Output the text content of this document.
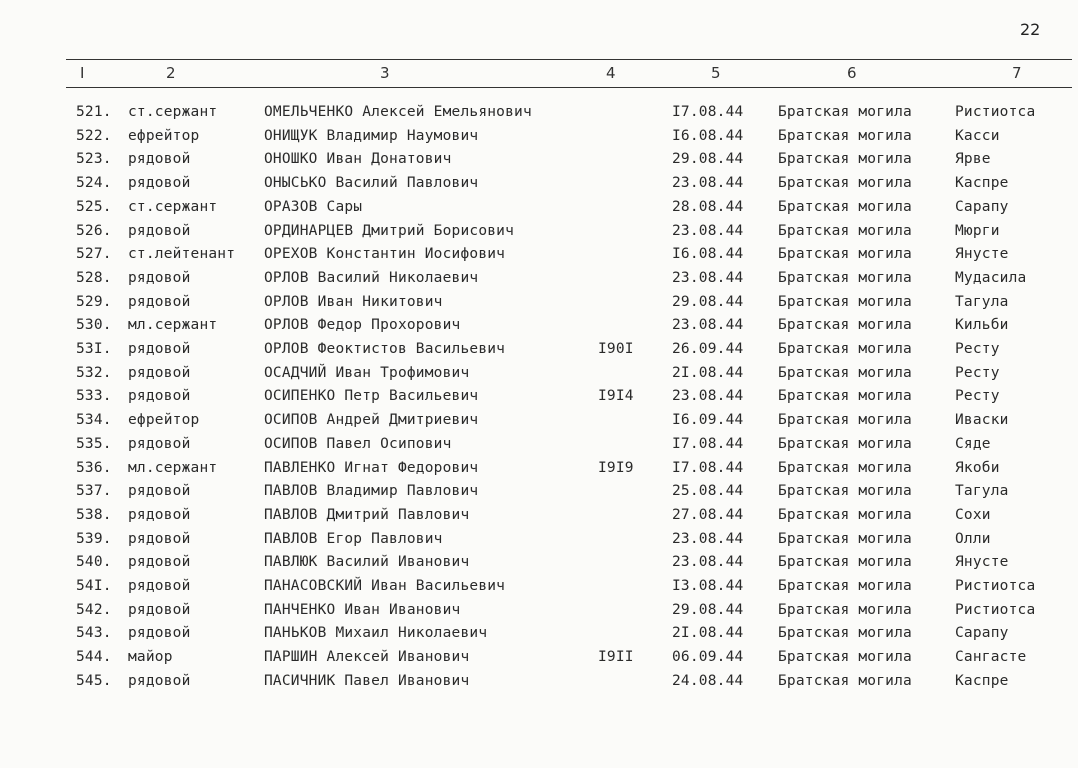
22
I	2	3	4	5	6	7
521. ст.сержант	ОМЕЛЬЧЕНКО Алексей Емельянович	I7.08.44 Братская могила	Ристиотса
522. ефрейтор	ОНИЩУК Владимир Наумович	I6.08.44 Братская могила	Касси
523. рядовой	ОНОШКО Иван Донатович	29.08.44 Братская могила	Ярве
524. рядовой	ОНЫСЬКО Василий Павлович	23.08.44 Братская могила	Каспре
525. ст.сержант	ОРАЗОВ Сары	28.08.44 Братская могила	Сарапу
526. рядовой	ОРДИНАРЦЕВ Дмитрий Борисович	23.08.44 Братская могила	Мюрги
527. ст.лейтенант ОРЕХОВ Константин Иосифович	I6.08.44 Братская могила	Янусте
528. рядовой	ОРЛОВ Василий Николаевич	23.08.44 Братская могила	Мудасила
529. рядовой	ОРЛОВ Иван Никитович	29.08.44 Братская могила	Тагула
530. мл.сержант	ОРЛОВ Федор Прохорович	23.08.44 Братская могила	Кильби
53I. рядовой	ОРЛОВ Феоктистов Васильевич	I90I	26.09.44 Братская могила	Ресту
532. рядовой	ОСАДЧИЙ Иван Трофимович	2I.08.44 Братская могила	Ресту
533. рядовой	ОСИПЕНКО Петр Васильевич	I9I4	23.08.44 Братская могила	Ресту
534. ефрейтор	ОСИПОВ Андрей Дмитриевич	I6.09.44 Братская могила	Иваски
535. рядовой	ОСИПОВ Павел Осипович	I7.08.44 Братская могила	Сяде
536. мл.сержант	ПАВЛЕНКО Игнат Федорович	I9I9	I7.08.44 Братская могила	Якоби
537. рядовой	ПАВЛОВ Владимир Павлович	25.08.44 Братская могила	Тагула
538. рядовой	ПАВЛОВ Дмитрий Павлович	27.08.44 Братская могила	Сохи
539. рядовой	ПАВЛОВ Егор Павлович	23.08.44 Братская могила	Олли
540. рядовой	ПАВЛЮК Василий Иванович	23.08.44 Братская могила	Янусте
54I. рядовой	ПАНАСОВСКИЙ Иван Васильевич	I3.08.44 Братская могила	Ристиотса
542. рядовой	ПАНЧЕНКО Иван Иванович	29.08.44 Братская могила	Ристиотса
543. рядовой	ПАНЬКОВ Михаил Николаевич	2I.08.44 Братская могила	Сарапу
544. майор	ПАРШИН Алексей Иванович	I9II	06.09.44 Братская могила	Сангасте
545. рядовой	ПАСИЧНИК Павел Иванович	24.08.44 Братская могила	Каспре
